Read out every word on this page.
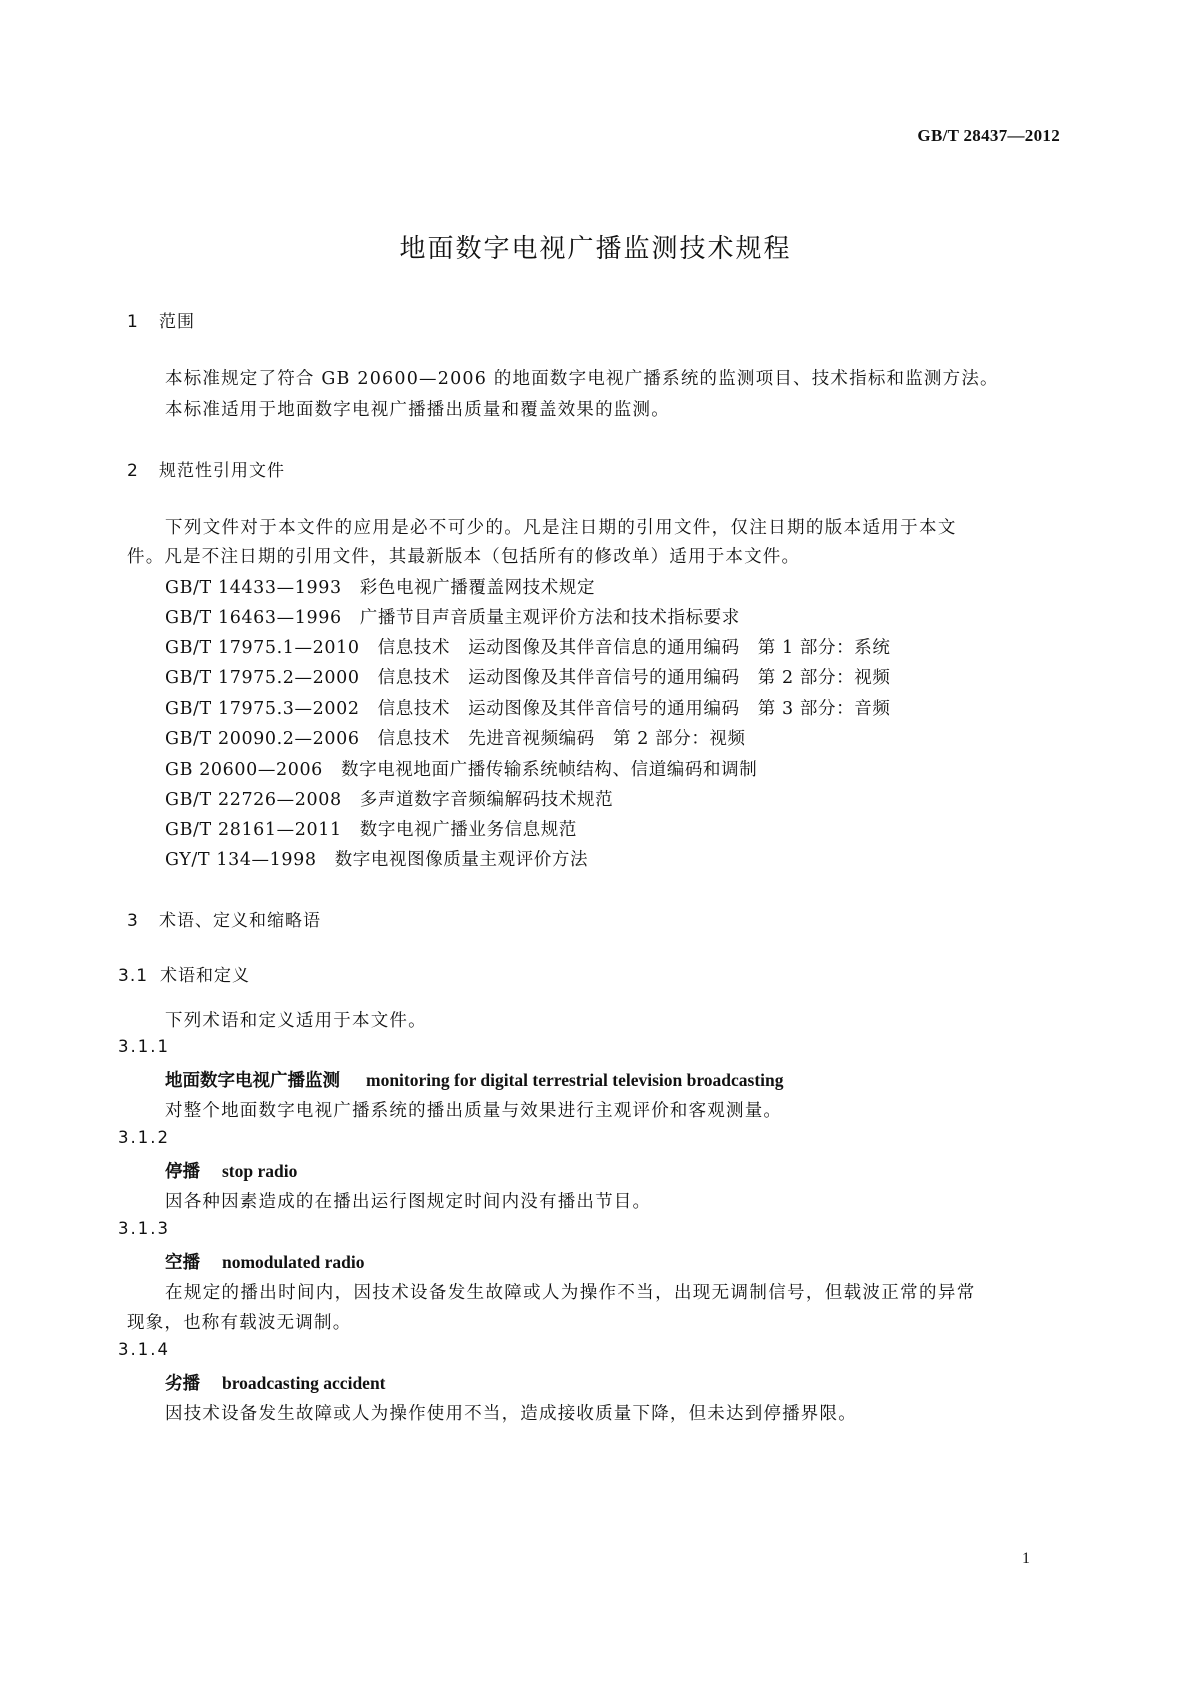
GB/T 28437—2012
地面数字电视广播监测技术规程
1 范围
本标准规定了符合 GB 20600—2006 的地面数字电视广播系统的监测项目、技术指标和监测方法。
本标准适用于地面数字电视广播播出质量和覆盖效果的监测。
2 规范性引用文件
下列文件对于本文件的应用是必不可少的。凡是注日期的引用文件，仅注日期的版本适用于本文
件。凡是不注日期的引用文件，其最新版本（包括所有的修改单）适用于本文件。
GB/T 14433—1993　彩色电视广播覆盖网技术规定
GB/T 16463—1996　广播节目声音质量主观评价方法和技术指标要求
GB/T 17975.1—2010　信息技术　运动图像及其伴音信息的通用编码　第 1 部分：系统
GB/T 17975.2—2000　信息技术　运动图像及其伴音信号的通用编码　第 2 部分：视频
GB/T 17975.3—2002　信息技术　运动图像及其伴音信号的通用编码　第 3 部分：音频
GB/T 20090.2—2006　信息技术　先进音视频编码　第 2 部分：视频
GB 20600—2006　数字电视地面广播传输系统帧结构、信道编码和调制
GB/T 22726—2008　多声道数字音频编解码技术规范
GB/T 28161—2011　数字电视广播业务信息规范
GY/T 134—1998　数字电视图像质量主观评价方法
3 术语、定义和缩略语
3.1 术语和定义
下列术语和定义适用于本文件。
3.1.1
地面数字电视广播监测 monitoring for digital terrestrial television broadcasting
对整个地面数字电视广播系统的播出质量与效果进行主观评价和客观测量。
3.1.2
停播 stop radio
因各种因素造成的在播出运行图规定时间内没有播出节目。
3.1.3
空播 nomodulated radio
在规定的播出时间内，因技术设备发生故障或人为操作不当，出现无调制信号，但载波正常的异常
现象，也称有载波无调制。
3.1.4
劣播 broadcasting accident
因技术设备发生故障或人为操作使用不当，造成接收质量下降，但未达到停播界限。
1
